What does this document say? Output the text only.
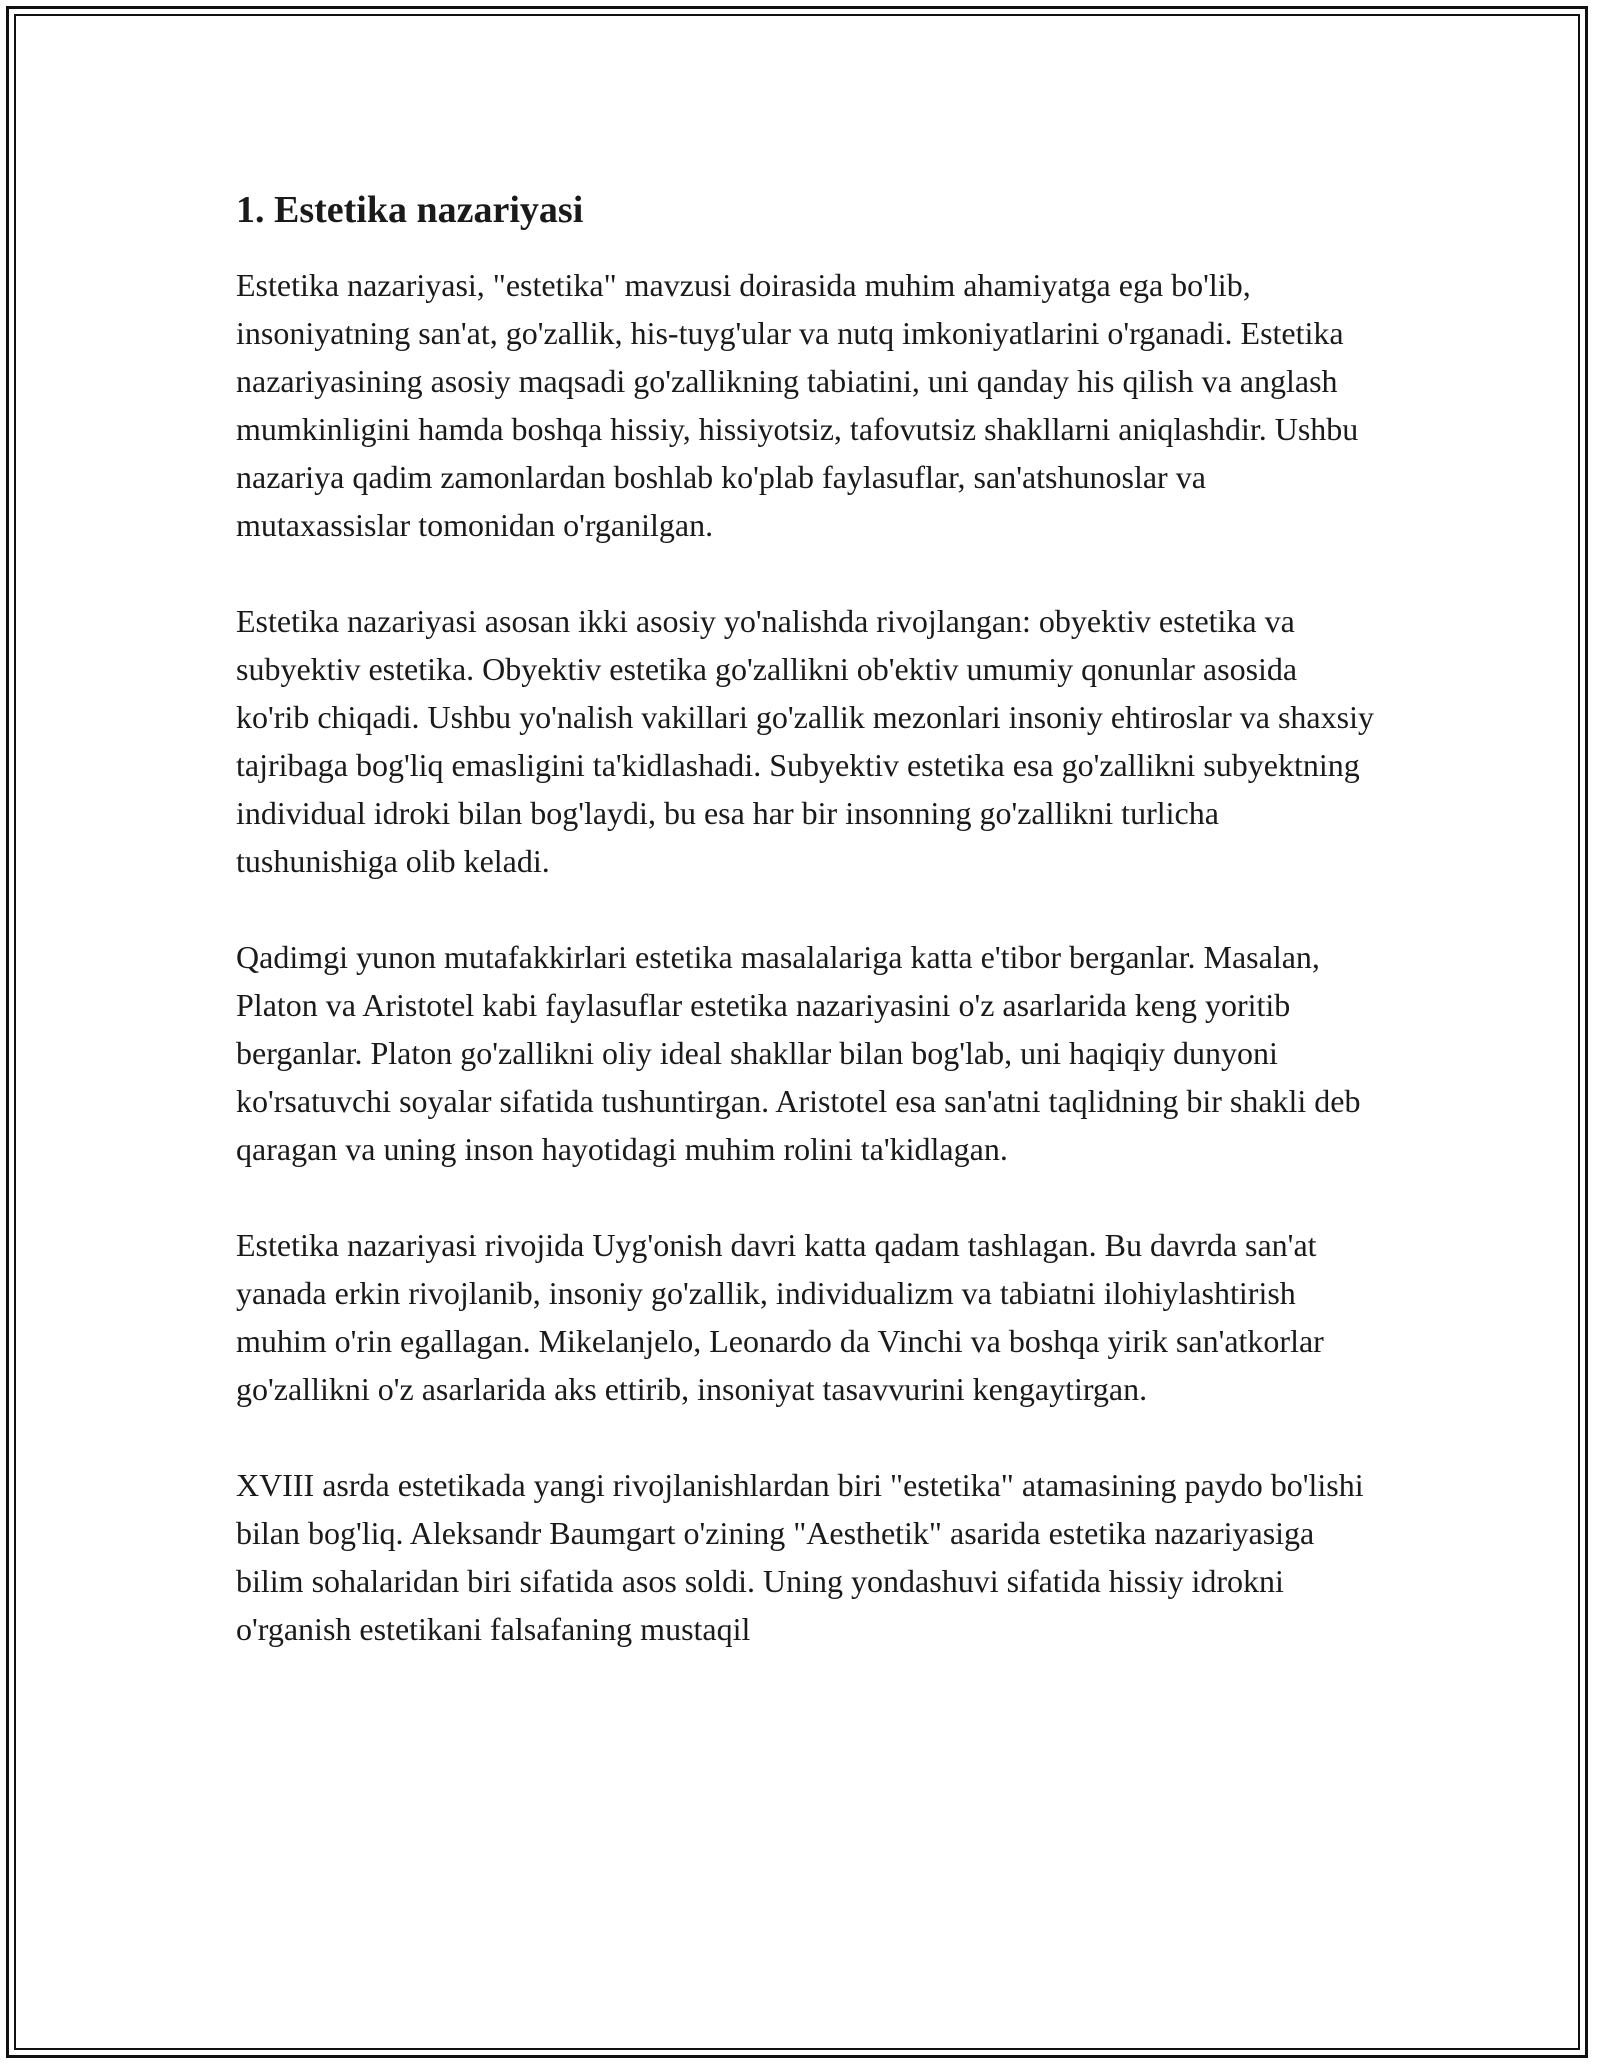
1. Estetika nazariyasi

Estetika nazariyasi, "estetika" mavzusi doirasida muhim ahamiyatga ega bo'lib, insoniyatning san'at, go'zallik, his-tuyg'ular va nutq imkoniyatlarini o'rganadi. Estetika nazariyasining asosiy maqsadi go'zallikning tabiatini, uni qanday his qilish va anglash mumkinligini hamda boshqa hissiy, hissiyotsiz, tafovutsiz shakllarni aniqlashdir. Ushbu nazariya qadim zamonlardan boshlab ko'plab faylasuflar, san'atshunoslar va mutaxassislar tomonidan o'rganilgan.

Estetika nazariyasi asosan ikki asosiy yo'nalishda rivojlangan: obyektiv estetika va subyektiv estetika. Obyektiv estetika go'zallikni ob'ektiv umumiy qonunlar asosida ko'rib chiqadi. Ushbu yo'nalish vakillari go'zallik mezonlari insoniy ehtiroslar va shaxsiy tajribaga bog'liq emasligini ta'kidlashadi. Subyektiv estetika esa go'zallikni subyektning individual idroki bilan bog'laydi, bu esa har bir insonning go'zallikni turlicha tushunishiga olib keladi.

Qadimgi yunon mutafakkirlari estetika masalalariga katta e'tibor berganlar. Masalan, Platon va Aristotel kabi faylasuflar estetika nazariyasini o'z asarlarida keng yoritib berganlar. Platon go'zallikni oliy ideal shakllar bilan bog'lab, uni haqiqiy dunyoni ko'rsatuvchi soyalar sifatida tushuntirgan. Aristotel esa san'atni taqlidning bir shakli deb qaragan va uning inson hayotidagi muhim rolini ta'kidlagan.

Estetika nazariyasi rivojida Uyg'onish davri katta qadam tashlagan. Bu davrda san'at yanada erkin rivojlanib, insoniy go'zallik, individualizm va tabiatni ilohiylashtirish muhim o'rin egallagan. Mikelanjelo, Leonardo da Vinchi va boshqa yirik san'atkorlar go'zallikni o'z asarlarida aks ettirib, insoniyat tasavvurini kengaytirgan.

XVIII asrda estetikada yangi rivojlanishlardan biri "estetika" atamasining paydo bo'lishi bilan bog'liq. Aleksandr Baumgart o'zining "Aesthetik" asarida estetika nazariyasiga bilim sohalaridan biri sifatida asos soldi. Uning yondashuvi sifatida hissiy idrokni o'rganish estetikani falsafaning mustaqil
